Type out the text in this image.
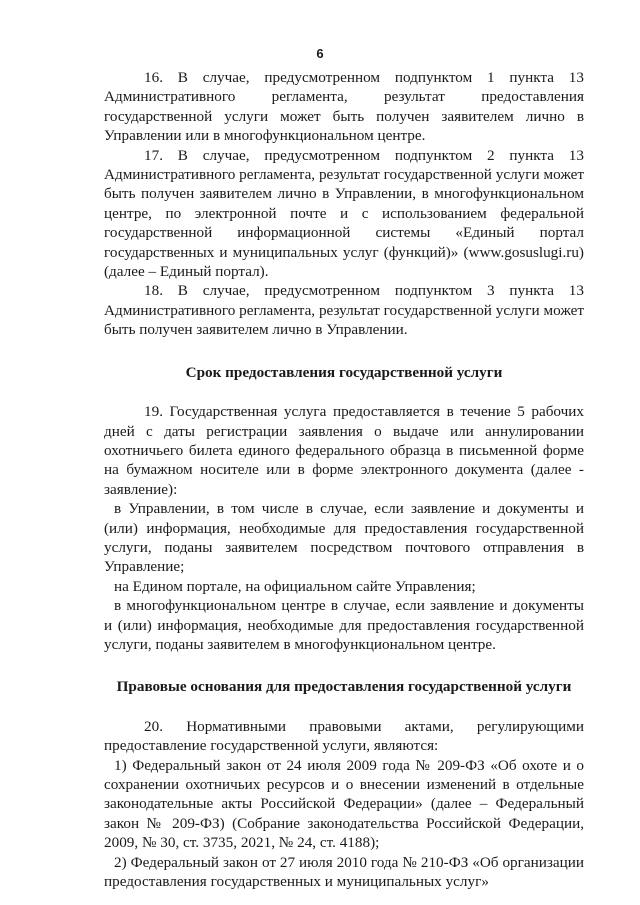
6

16. В случае, предусмотренном подпунктом 1 пункта 13 Административного регламента, результат предоставления государственной услуги может быть получен заявителем лично в Управлении или в многофункциональном центре.

17. В случае, предусмотренном подпунктом 2 пункта 13 Административного регламента, результат государственной услуги может быть получен заявителем лично в Управлении, в многофункциональном центре, по электронной почте и с использованием федеральной государственной информационной системы «Единый портал государственных и муниципальных услуг (функций)» (www.gosuslugi.ru) (далее – Единый портал).

18. В случае, предусмотренном подпунктом 3 пункта 13 Административного регламента, результат государственной услуги может быть получен заявителем лично в Управлении.

Срок предоставления государственной услуги

19. Государственная услуга предоставляется в течение 5 рабочих дней с даты регистрации заявления о выдаче или аннулировании охотничьего билета единого федерального образца в письменной форме на бумажном носителе или в форме электронного документа (далее - заявление):

в Управлении, в том числе в случае, если заявление и документы и (или) информация, необходимые для предоставления государственной услуги, поданы заявителем посредством почтового отправления в Управление;

на Едином портале, на официальном сайте Управления;

в многофункциональном центре в случае, если заявление и документы и (или) информация, необходимые для предоставления государственной услуги, поданы заявителем в многофункциональном центре.

Правовые основания для предоставления государственной услуги

20. Нормативными правовыми актами, регулирующими предоставление государственной услуги, являются:

1) Федеральный закон от 24 июля 2009 года № 209-ФЗ «Об охоте и о сохранении охотничьих ресурсов и о внесении изменений в отдельные законодательные акты Российской Федерации» (далее – Федеральный закон № 209-ФЗ) (Собрание законодательства Российской Федерации, 2009, № 30, ст. 3735, 2021, № 24, ст. 4188);

2) Федеральный закон от 27 июля 2010 года № 210-ФЗ «Об организации предоставления государственных и муниципальных услуг»
